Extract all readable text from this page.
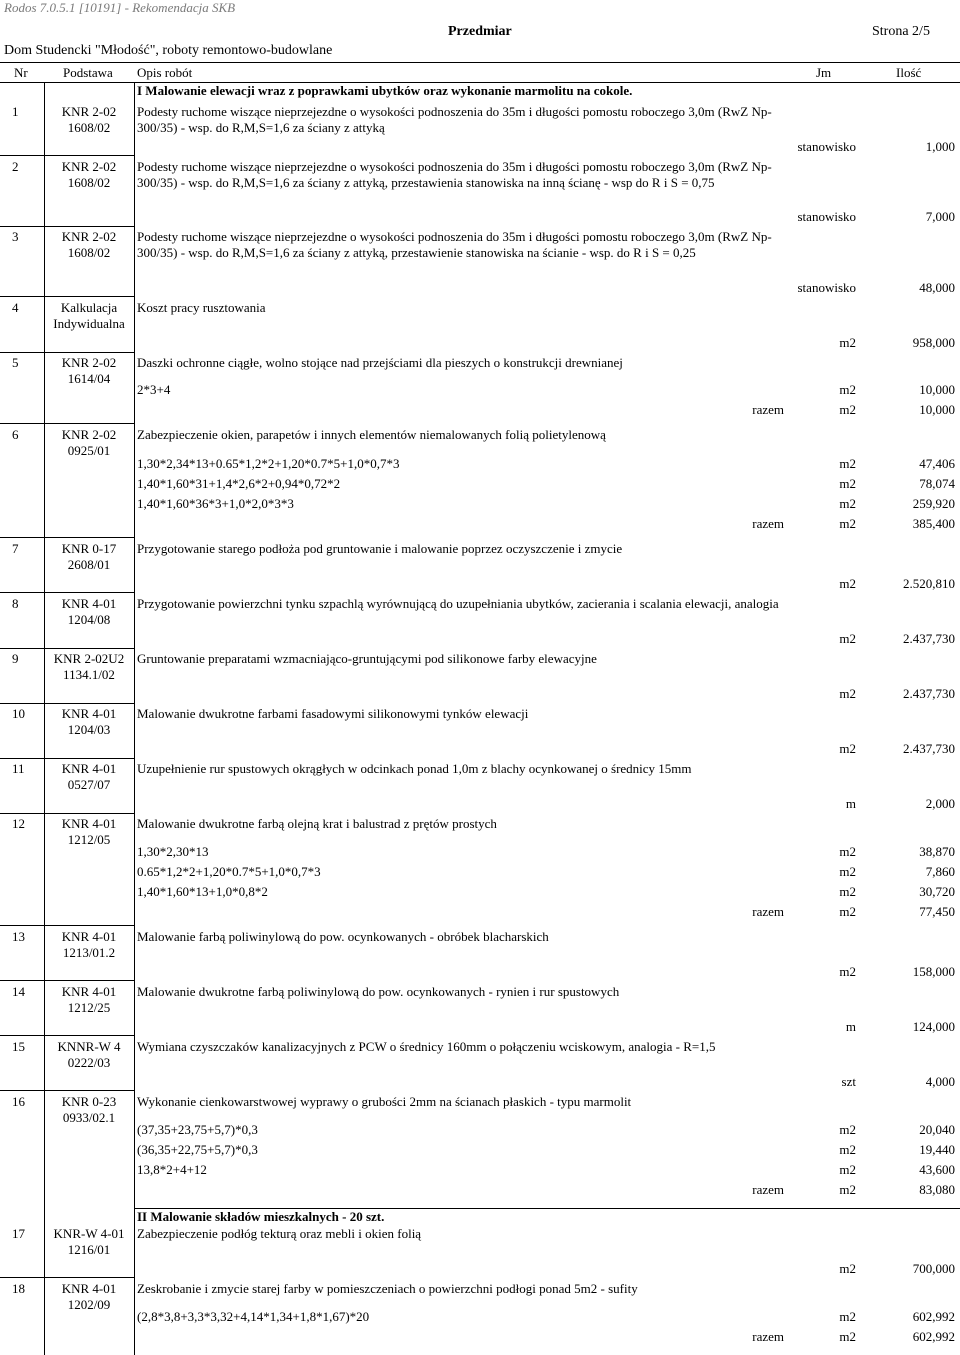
Rodos 7.0.5.1 [10191] - Rekomendacja SKB
Przedmiar	Strona 2/5
Dom Studencki "Młodość", roboty remontowo-budowlane
Nr	Podstawa Opis robót	Jm	Ilość
I Malowanie elewacji wraz z poprawkami ubytków oraz wykonanie marmolitu na cokole.
1	KNR 2-02
1608/02
Podesty ruchome wiszące nieprzejezdne o wysokości podnoszenia do 35m i długości pomostu roboczego 3,0m (RwZ Np-300/35) - wsp. do R,M,S=1,6 za ściany z attyką
stanowisko	1,000
2	KNR 2-02
1608/02
Podesty ruchome wiszące nieprzejezdne o wysokości podnoszenia do 35m i długości pomostu roboczego 3,0m (RwZ Np-300/35) - wsp. do R,M,S=1,6 za ściany z attyką, przestawienia stanowiska na inną ścianę - wsp do R i S = 0,75
stanowisko	7,000
3	KNR 2-02
1608/02
Podesty ruchome wiszące nieprzejezdne o wysokości podnoszenia do 35m i długości pomostu roboczego 3,0m (RwZ Np-300/35) - wsp. do R,M,S=1,6 za ściany z attyką, przestawienie stanowiska na ścianie - wsp. do R i S = 0,25
stanowisko	48,000
4	Kalkulacja
Indywidualna
Koszt pracy rusztowania
m2	958,000
5	KNR 2-02
1614/04
Daszki ochronne ciągłe, wolno stojące nad przejściami dla pieszych o konstrukcji drewnianej
2*3+4	m2	10,000
razem	m2	10,000
6	KNR 2-02
0925/01
Zabezpieczenie okien, parapetów i innych elementów niemalowanych folią polietylenową
1,30*2,34*13+0.65*1,2*2+1,20*0.7*5+1,0*0,7*3	m2	47,406
1,40*1,60*31+1,4*2,6*2+0,94*0,72*2	m2	78,074
1,40*1,60*36*3+1,0*2,0*3*3	m2	259,920
razem	m2	385,400
7	KNR 0-17
2608/01
Przygotowanie starego podłoża pod gruntowanie i malowanie poprzez oczyszczenie i zmycie
m2	2.520,810
8	KNR 4-01
1204/08
Przygotowanie powierzchni tynku szpachlą wyrównującą do uzupełniania ubytków, zacierania i scalania elewacji, analogia
m2	2.437,730
9	KNR 2-02U2
1134.1/02
Gruntowanie preparatami wzmacniająco-gruntującymi pod silikonowe farby elewacyjne
m2	2.437,730
10	KNR 4-01
1204/03
Malowanie dwukrotne farbami fasadowymi silikonowymi tynków elewacji
m2	2.437,730
11	KNR 4-01
0527/07
Uzupełnienie rur spustowych okrągłych w odcinkach ponad 1,0m z blachy ocynkowanej o średnicy 15mm
m	2,000
12	KNR 4-01
1212/05
Malowanie dwukrotne farbą olejną krat i balustrad z prętów prostych
1,30*2,30*13	m2	38,870
0.65*1,2*2+1,20*0.7*5+1,0*0,7*3	m2	7,860
1,40*1,60*13+1,0*0,8*2	m2	30,720
razem	m2	77,450
13	KNR 4-01
1213/01.2
Malowanie farbą poliwinylową do pow. ocynkowanych - obróbek blacharskich
m2	158,000
14	KNR 4-01
1212/25
Malowanie dwukrotne farbą poliwinylową do pow. ocynkowanych - rynien i rur spustowych
m	124,000
15	KNNR-W 4
0222/03
Wymiana czyszczaków kanalizacyjnych z PCW o średnicy 160mm o połączeniu wciskowym, analogia - R=1,5
szt	4,000
16	KNR 0-23
0933/02.1
Wykonanie cienkowarstwowej wyprawy o grubości 2mm na ścianach płaskich - typu marmolit
(37,35+23,75+5,7)*0,3	m2	20,040
(36,35+22,75+5,7)*0,3	m2	19,440
13,8*2+4+12	m2	43,600
razem	m2	83,080
17	KNR-W 4-01
1216/01
Zabezpieczenie podłóg tekturą oraz mebli i okien folią
m2	700,000
18	KNR 4-01
1202/09
Zeskrobanie i zmycie starej farby w pomieszczeniach o powierzchni podłogi ponad 5m2 - sufity
(2,8*3,8+3,3*3,32+4,14*1,34+1,8*1,67)*20	m2	602,992
razem	m2	602,992
II Malowanie składów mieszkalnych - 20 szt.
